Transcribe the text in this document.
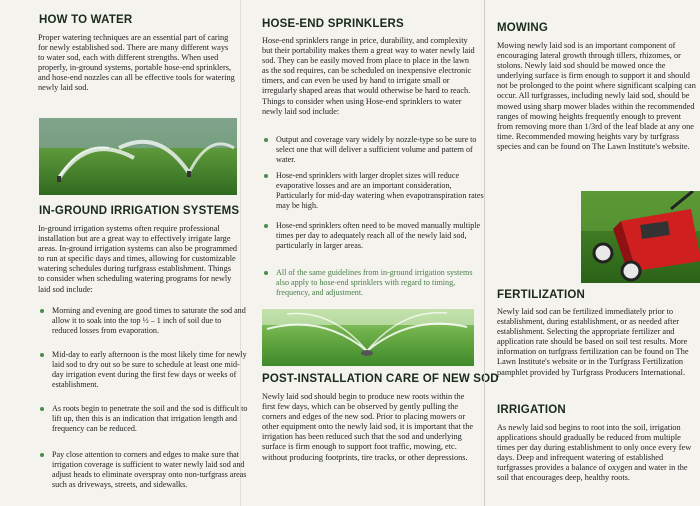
HOW TO WATER

Proper watering techniques are an essential part of caring for newly established sod. There are many different ways to water sod, each with different strengths. When used properly, in-ground systems, portable hose-end sprinklers, and hose-end nozzles can all be effective tools for watering newly laid sod.

IN-GROUND IRRIGATION SYSTEMS

In-ground irrigation systems often require professional installation but are a great way to effectively irrigate large areas. In-ground irrigation systems can also be programmed to run at specific days and times, allowing for customizable watering schedules during turfgrass establishment. Things to consider when scheduling watering programs for newly laid sod include:

Morning and evening are good times to saturate the sod and allow it to soak into the top ½ – 1 inch of soil due to reduced losses from evaporation.

Mid-day to early afternoon is the most likely time for newly laid sod to dry out so be sure to schedule at least one mid-day irrigation event during the first few days or weeks of establishment.

As roots begin to penetrate the soil and the sod is difficult to lift up, then this is an indication that irrigation length and frequency can be reduced.

Pay close attention to corners and edges to make sure that irrigation coverage is sufficient to water newly laid sod and adjust heads to eliminate overspray onto non-turfgrass areas such as driveways, streets, and sidewalks.

HOSE-END SPRINKLERS

Hose-end sprinklers range in price, durability, and complexity but their portability makes them a great way to water newly laid sod. They can be easily moved from place to place in the lawn as the sod requires, can be scheduled on inexpensive electronic timers, and can even be used by hand to irrigate small or irregularly shaped areas that would otherwise be hard to reach. Things to consider when using Hose-end sprinklers to water newly laid sod include:

Output and coverage vary widely by nozzle-type so be sure to select one that will deliver a sufficient volume and pattern of water.

Hose-end sprinklers with larger droplet sizes will reduce evaporative losses and are an important consideration, Particularly for mid-day watering when evapotranspiration rates may be high.

Hose-end sprinklers often need to be moved manually multiple times per day to adequately reach all of the newly laid sod, particularly in larger areas.

All of the same guidelines from in-ground irrigation systems also apply to hose-end sprinklers with regard to timing, frequency, and adjustment.

POST-INSTALLATION CARE OF NEW SOD

Newly laid sod should begin to produce new roots within the first few days, which can be observed by gently pulling the corners and edges of the new sod. Prior to placing mowers or other equipment onto the newly laid sod, it is important that the irrigation has been reduced such that the sod and underlying surface is firm enough to support foot traffic, mowing, etc. without producing footprints, tire tracks, or other depressions.

MOWING

Mowing newly laid sod is an important component of encouraging lateral growth through tillers, rhizomes, or stolons. Newly laid sod should be mowed once the underlying surface is firm enough to support it and should not be prolonged to the point where significant scalping can occur. All turfgrasses, including newly laid sod, should be mowed using sharp mower blades within the recommended ranges of mowing heights frequently enough to prevent from removing more than 1/3rd of the leaf blade at any one time. Recommended mowing heights vary by turfgrass species and can be found on The Lawn Institute's website.

FERTILIZATION

Newly laid sod can be fertilized immediately prior to establishment, during establishment, or as needed after establishment. Selecting the appropriate fertilizer and application rate should be based on soil test results. More information on turfgrass fertilization can be found on The Lawn Institute's website or in the Turfgrass Fertilization pamphlet provided by Turfgrass Producers International.

IRRIGATION

As newly laid sod begins to root into the soil, irrigation applications should gradually be reduced from multiple times per day during establishment to only once every few days. Deep and infrequent watering of established turfgrasses provides a balance of oxygen and water in the soil that encourages deep, healthy roots.
